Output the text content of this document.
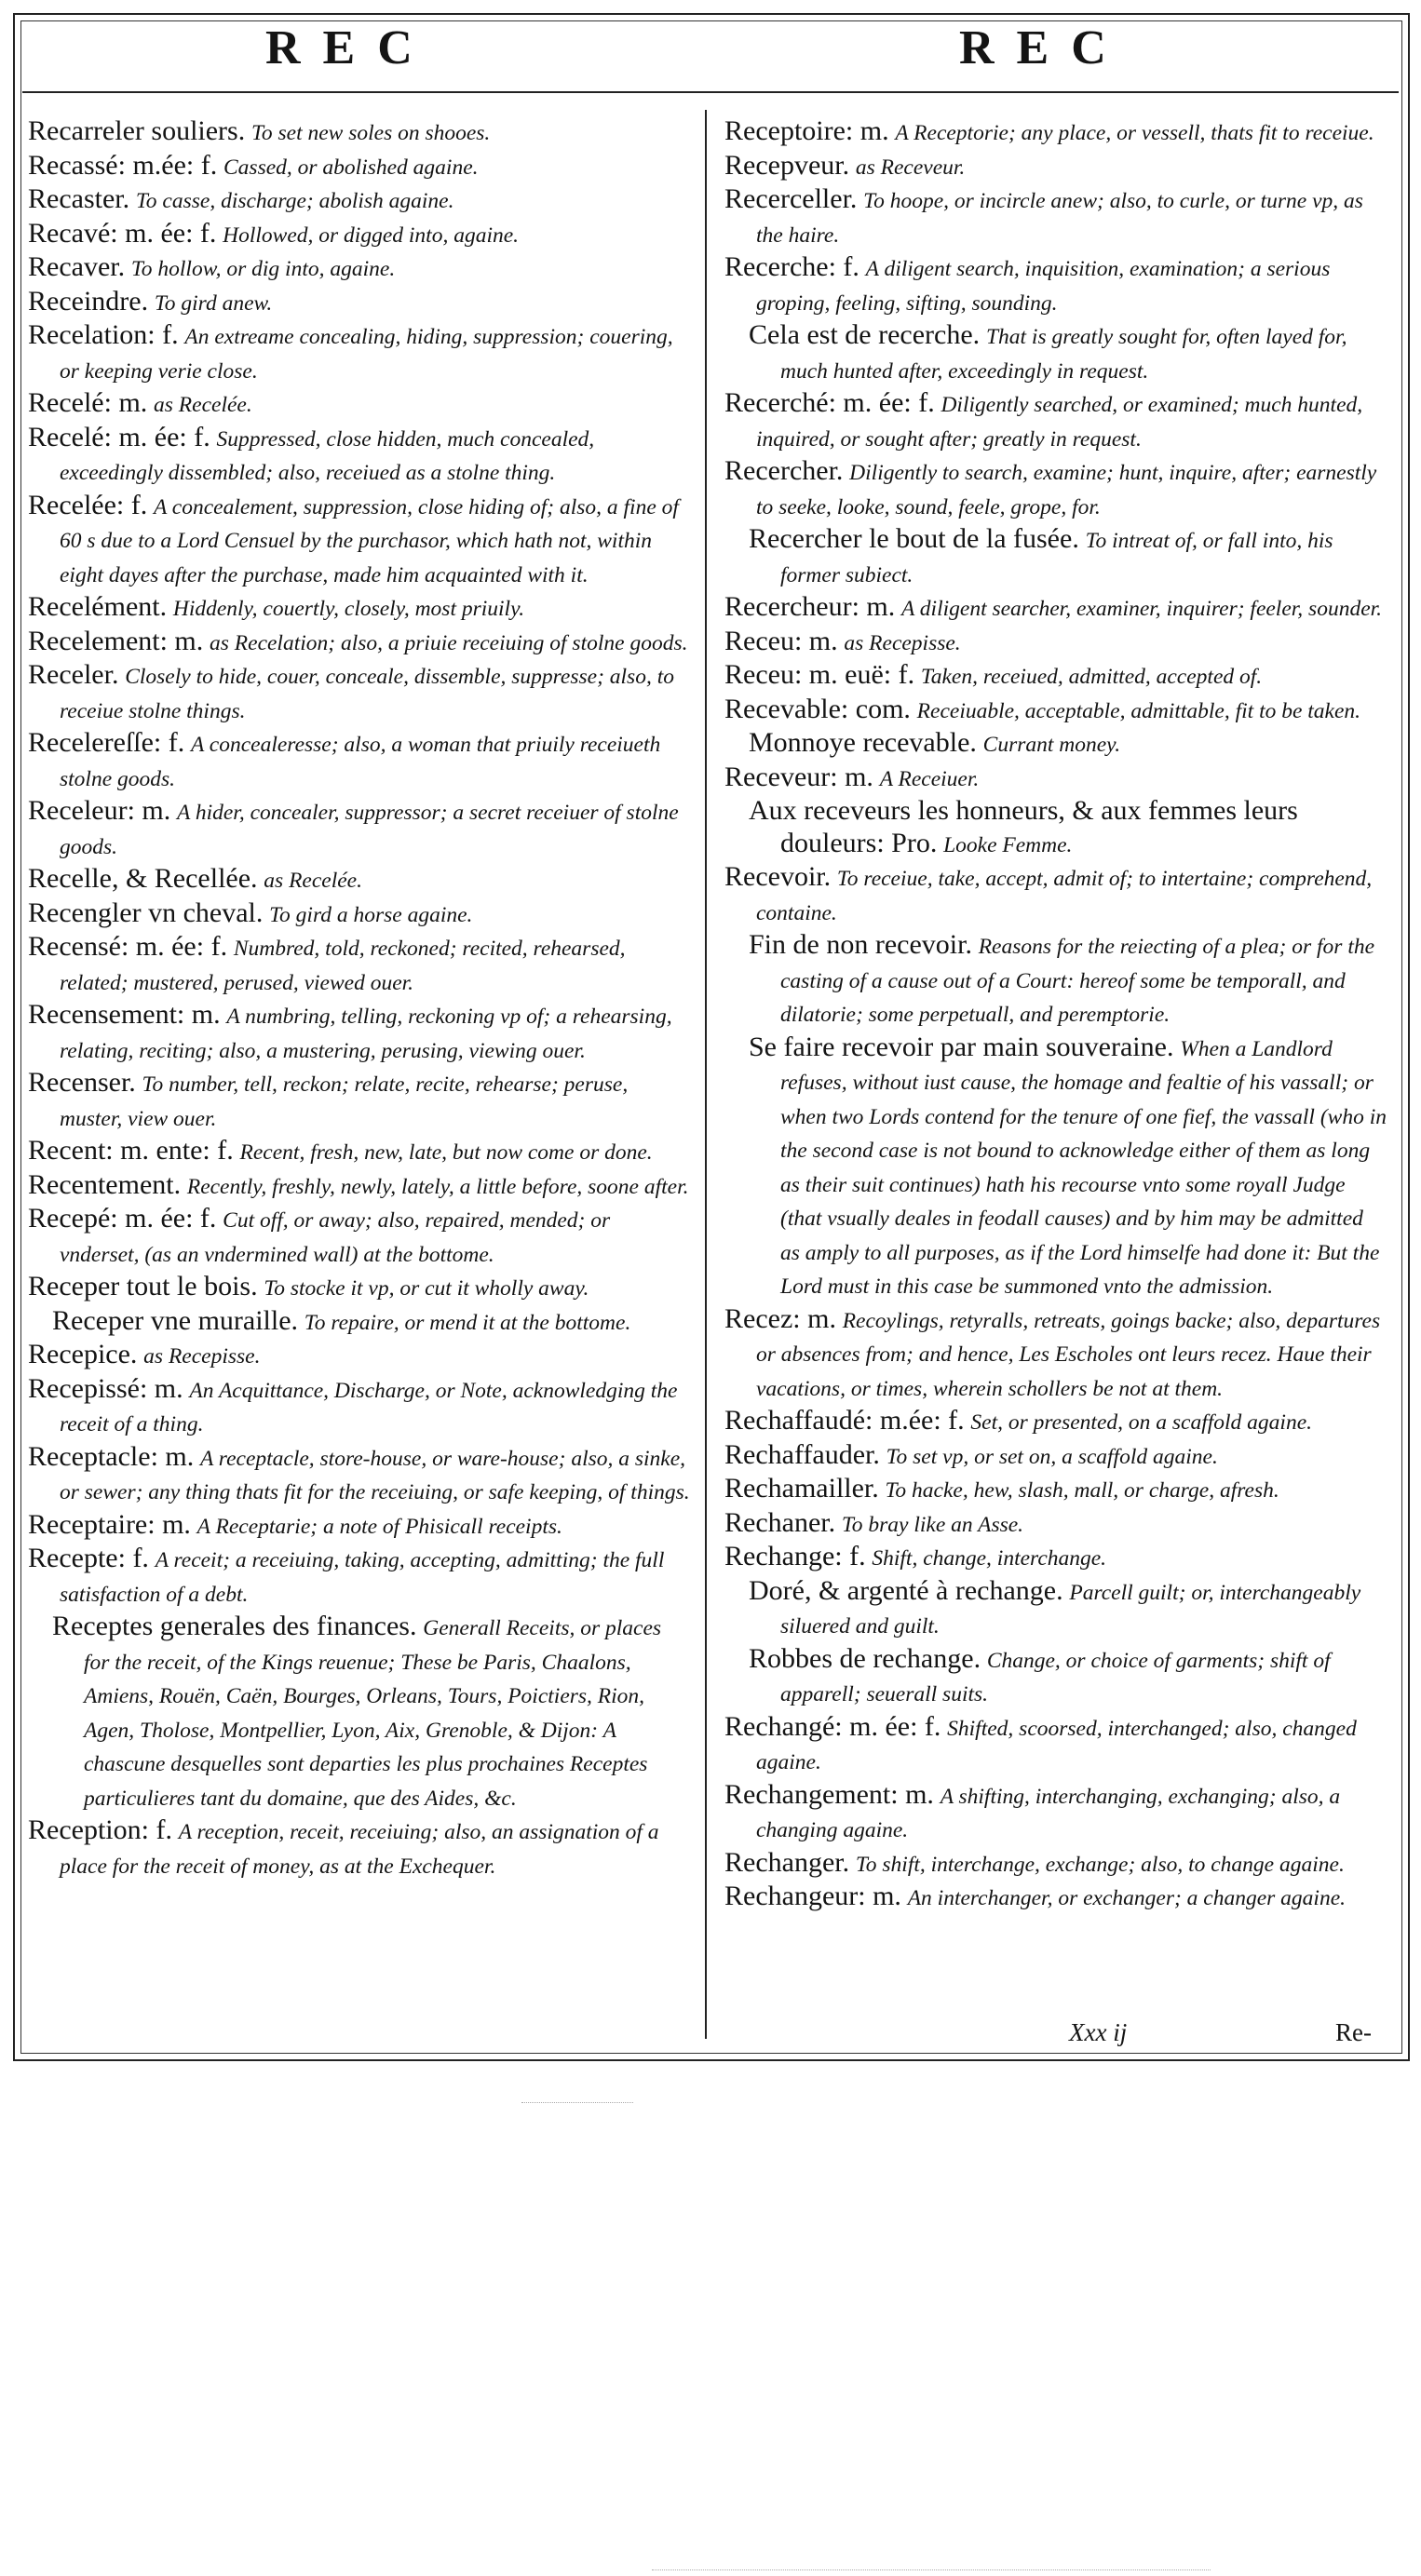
REC	REC

Recarreler souliers. To set new soles on shooes.

Recassé: m.ée: f. Cassed, or abolished againe.

Recaster. To casse, discharge; abolish againe.

Recavé: m. ée: f. Hollowed, or digged into, againe.

Recaver. To hollow, or dig into, againe.

Receindre. To gird anew.

Recelation: f. An extreame concealing, hiding, suppression; couering, or keeping verie close.

Recelé: m. as Recelée.

Recelé: m. ée: f. Suppressed, close hidden, much concealed, exceedingly dissembled; also, receiued as a stolne thing.

Recelée: f. A concealement, suppression, close hiding of; also, a fine of 60 s due to a Lord Censuel by the purchasor, which hath not, within eight dayes after the purchase, made him acquainted with it.

Recelément. Hiddenly, couertly, closely, most priuily.

Recelement: m. as Recelation; also, a priuie receiuing of stolne goods.

Receler. Closely to hide, couer, conceale, dissemble, suppresse; also, to receiue stolne things.

Recelereſſe: f. A concealeresse; also, a woman that priuily receiueth stolne goods.

Receleur: m. A hider, concealer, suppressor; a secret receiuer of stolne goods.

Recelle, & Recellée. as Recelée.

Recengler vn cheval. To gird a horse againe.

Recensé: m. ée: f. Numbred, told, reckoned; recited, rehearsed, related; mustered, perused, viewed ouer.

Recensement: m. A numbring, telling, reckoning vp of; a rehearsing, relating, reciting; also, a mustering, perusing, viewing ouer.

Recenser. To number, tell, reckon; relate, recite, rehearse; peruse, muster, view ouer.

Recent: m. ente: f. Recent, fresh, new, late, but now come or done.

Recentement. Recently, freshly, newly, lately, a little before, soone after.

Recepé: m. ée: f. Cut off, or away; also, repaired, mended; or vnderset, (as an vndermined wall) at the bottome.

Receper tout le bois. To stocke it vp, or cut it wholly away.

Receper vne muraille. To repaire, or mend it at the bottome.

Recepice. as Recepisse.

Recepissé: m. An Acquittance, Discharge, or Note, acknowledging the receit of a thing.

Receptacle: m. A receptacle, store-house, or ware-house; also, a sinke, or sewer; any thing thats fit for the receiuing, or safe keeping, of things.

Receptaire: m. A Receptarie; a note of Phisicall receipts.

Recepte: f. A receit; a receiuing, taking, accepting, admitting; the full satisfaction of a debt.

Receptes generales des finances. Generall Receits, or places for the receit, of the Kings reuenue; These be Paris, Chaalons, Amiens, Rouën, Caën, Bourges, Orleans, Tours, Poictiers, Rion, Agen, Tholose, Montpellier, Lyon, Aix, Grenoble, & Dijon: A chascune desquelles sont departies les plus prochaines Receptes particulieres tant du domaine, que des Aides, &c.

Reception: f. A reception, receit, receiuing; also, an assignation of a place for the receit of money, as at the Exchequer.

Receptoire: m. A Receptorie; any place, or vessell, thats fit to receiue.

Recepveur. as Receveur.

Recerceller. To hoope, or incircle anew; also, to curle, or turne vp, as the haire.

Recerche: f. A diligent search, inquisition, examination; a serious groping, feeling, sifting, sounding.

Cela est de recerche. That is greatly sought for, often layed for, much hunted after, exceedingly in request.

Recerché: m. ée: f. Diligently searched, or examined; much hunted, inquired, or sought after; greatly in request.

Recercher. Diligently to search, examine; hunt, inquire, after; earnestly to seeke, looke, sound, feele, grope, for.

Recercher le bout de la fusée. To intreat of, or fall into, his former subiect.

Recercheur: m. A diligent searcher, examiner, inquirer; feeler, sounder.

Receu: m. as Recepisse.

Receu: m. euë: f. Taken, receiued, admitted, accepted of.

Recevable: com. Receiuable, acceptable, admittable, fit to be taken.

Monnoye recevable. Currant money.

Receveur: m. A Receiuer.

Aux receveurs les honneurs, & aux femmes leurs douleurs: Pro. Looke Femme.

Recevoir. To receiue, take, accept, admit of; to intertaine; comprehend, containe.

Fin de non recevoir. Reasons for the reiecting of a plea; or for the casting of a cause out of a Court: hereof some be temporall, and dilatorie; some perpetuall, and peremptorie.

Se faire recevoir par main souveraine. When a Landlord refuses, without iust cause, the homage and fealtie of his vassall; or when two Lords contend for the tenure of one fief, the vassall (who in the second case is not bound to acknowledge either of them as long as their suit continues) hath his recourse vnto some royall Judge (that vsually deales in feodall causes) and by him may be admitted as amply to all purposes, as if the Lord himselfe had done it: But the Lord must in this case be summoned vnto the admission.

Recez: m. Recoylings, retyralls, retreats, goings backe; also, departures or absences from; and hence, Les Escholes ont leurs recez. Haue their vacations, or times, wherein schollers be not at them.

Rechaffaudé: m.ée: f. Set, or presented, on a scaffold againe.

Rechaffauder. To set vp, or set on, a scaffold againe.

Rechamailler. To hacke, hew, slash, mall, or charge, afresh.

Rechaner. To bray like an Asse.

Rechange: f. Shift, change, interchange.

Doré, & argenté à rechange. Parcell guilt; or, interchangeably siluered and guilt.

Robbes de rechange. Change, or choice of garments; shift of apparell; seuerall suits.

Rechangé: m. ée: f. Shifted, scoorsed, interchanged; also, changed againe.

Rechangement: m. A shifting, interchanging, exchanging; also, a changing againe.

Rechanger. To shift, interchange, exchange; also, to change againe.

Rechangeur: m. An interchanger, or exchanger; a changer againe.

Xxx ij	Re-
